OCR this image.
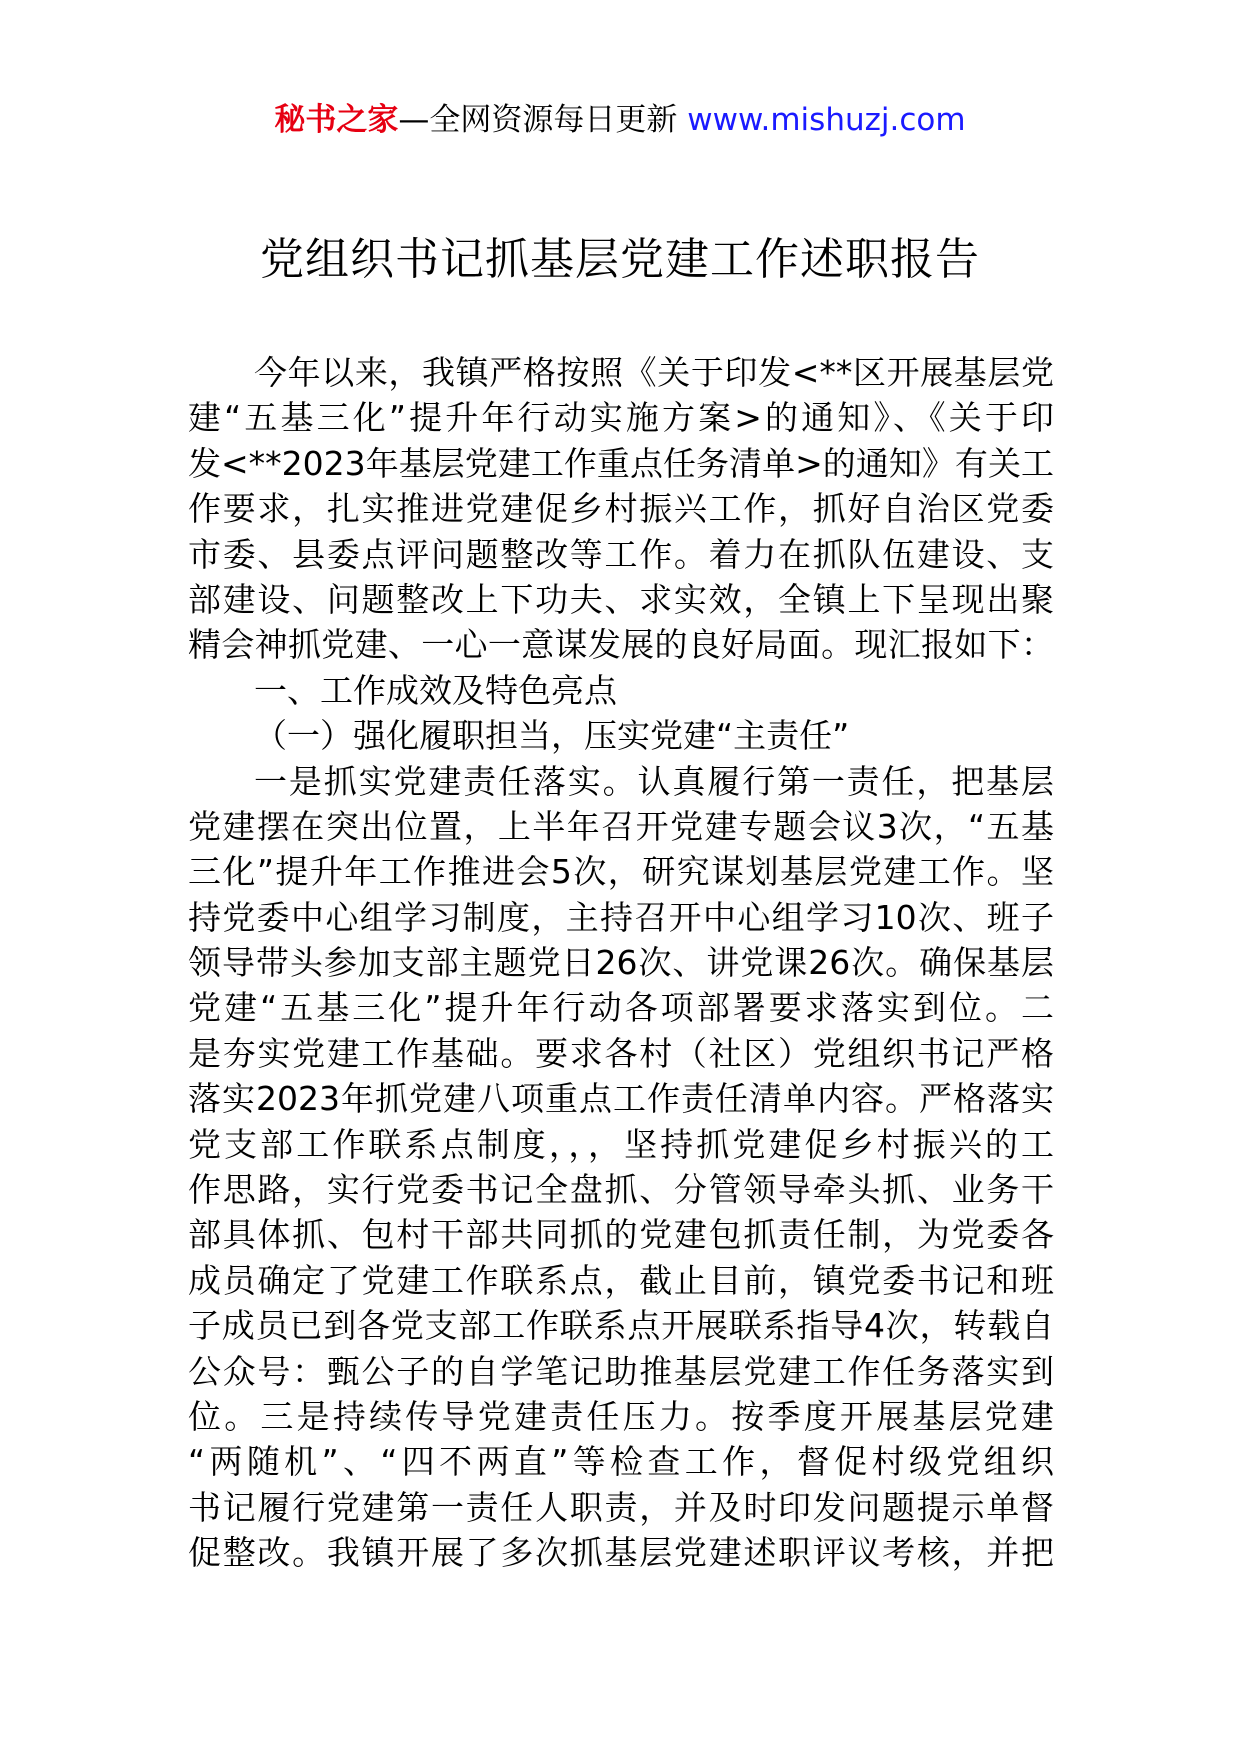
秘书之家—全网资源每日更新 www.mishuzj.com
党组织书记抓基层党建工作述职报告
今年以来，我镇严格按照《关于印发<**区开展基层党
建“五基三化”提升年行动实施方案>的通知》、《关于印
发<**2023年基层党建工作重点任务清单>的通知》有关工
作要求，扎实推进党建促乡村振兴工作，抓好自治区党委
市委、县委点评问题整改等工作。着力在抓队伍建设、支
部建设、问题整改上下功夫、求实效，全镇上下呈现出聚
精会神抓党建、一心一意谋发展的良好局面。现汇报如下：
一、工作成效及特色亮点
（一）强化履职担当，压实党建“主责任”
一是抓实党建责任落实。认真履行第一责任，把基层
党建摆在突出位置，上半年召开党建专题会议3次，“五基
三化”提升年工作推进会5次，研究谋划基层党建工作。坚
持党委中心组学习制度，主持召开中心组学习10次、班子
领导带头参加支部主题党日26次、讲党课26次。确保基层
党建“五基三化”提升年行动各项部署要求落实到位。二
是夯实党建工作基础。要求各村（社区）党组织书记严格
落实2023年抓党建八项重点工作责任清单内容。严格落实
党支部工作联系点制度，，，坚持抓党建促乡村振兴的工
作思路，实行党委书记全盘抓、分管领导牵头抓、业务干
部具体抓、包村干部共同抓的党建包抓责任制，为党委各
成员确定了党建工作联系点，截止目前，镇党委书记和班
子成员已到各党支部工作联系点开展联系指导4次，转载自
公众号：甄公子的自学笔记助推基层党建工作任务落实到
位。三是持续传导党建责任压力。按季度开展基层党建
“两随机”、“四不两直”等检查工作，督促村级党组织
书记履行党建第一责任人职责，并及时印发问题提示单督
促整改。我镇开展了多次抓基层党建述职评议考核，并把
